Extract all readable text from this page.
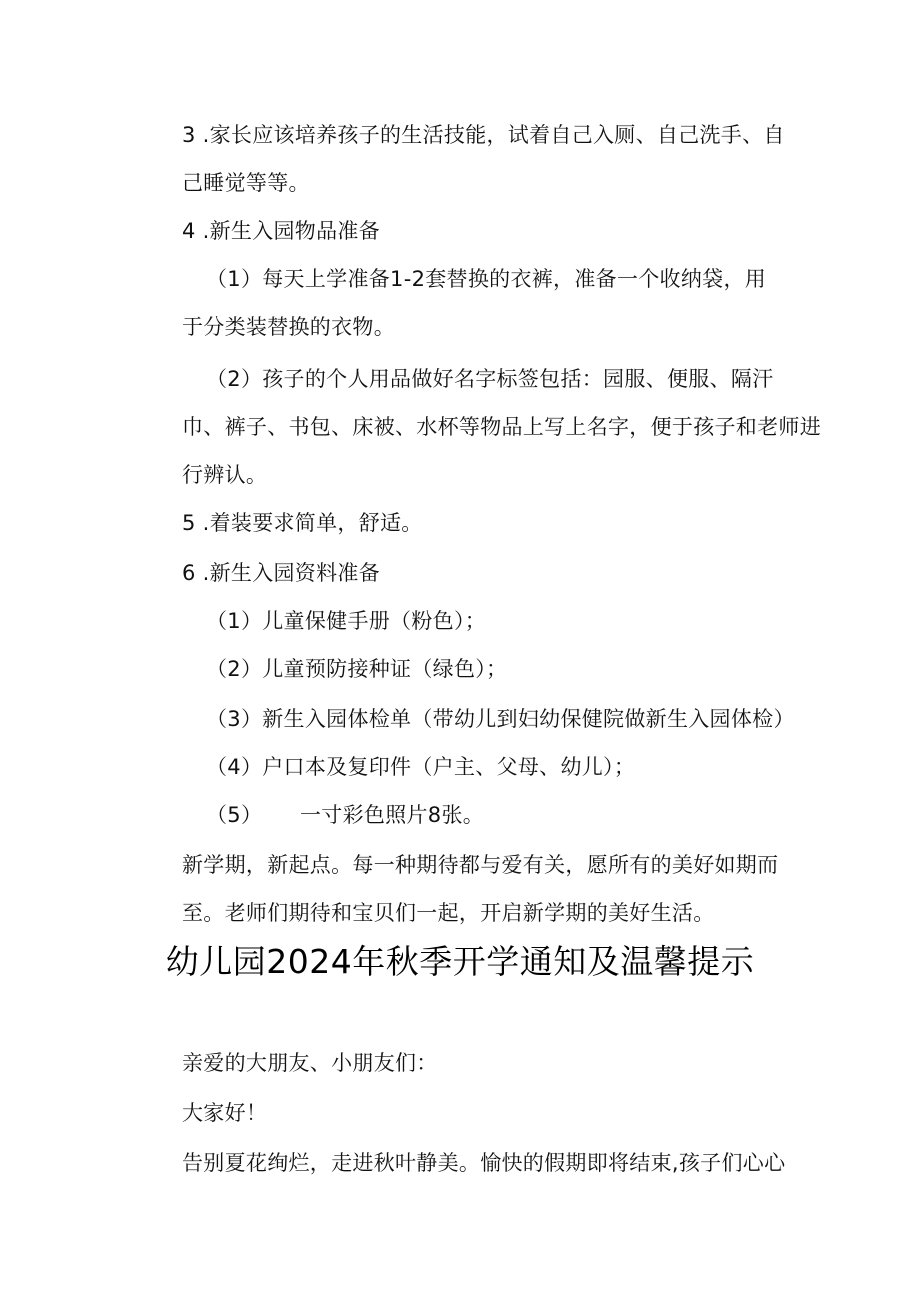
3 .家长应该培养孩子的生活技能，试着自己入厕、自己洗手、自
己睡觉等等。
4 .新生入园物品准备
（1）每天上学准备1-2套替换的衣裤，准备一个收纳袋，用
于分类装替换的衣物。
（2）孩子的个人用品做好名字标签包括：园服、便服、隔汗
巾、裤子、书包、床被、水杯等物品上写上名字，便于孩子和老师进
行辨认。
5 .着装要求简单，舒适。
6 .新生入园资料准备
（1）儿童保健手册（粉色）；
（2）儿童预防接种证（绿色）；
（3）新生入园体检单（带幼儿到妇幼保健院做新生入园体检）
（4）户口本及复印件（户主、父母、幼儿）；
（5） 一寸彩色照片8张。
新学期，新起点。每一种期待都与爱有关，愿所有的美好如期而
至。老师们期待和宝贝们一起，开启新学期的美好生活。
幼儿园2024年秋季开学通知及温馨提示
亲爱的大朋友、小朋友们：
大家好！
告别夏花绚烂，走进秋叶静美。愉快的假期即将结束,孩子们心心
